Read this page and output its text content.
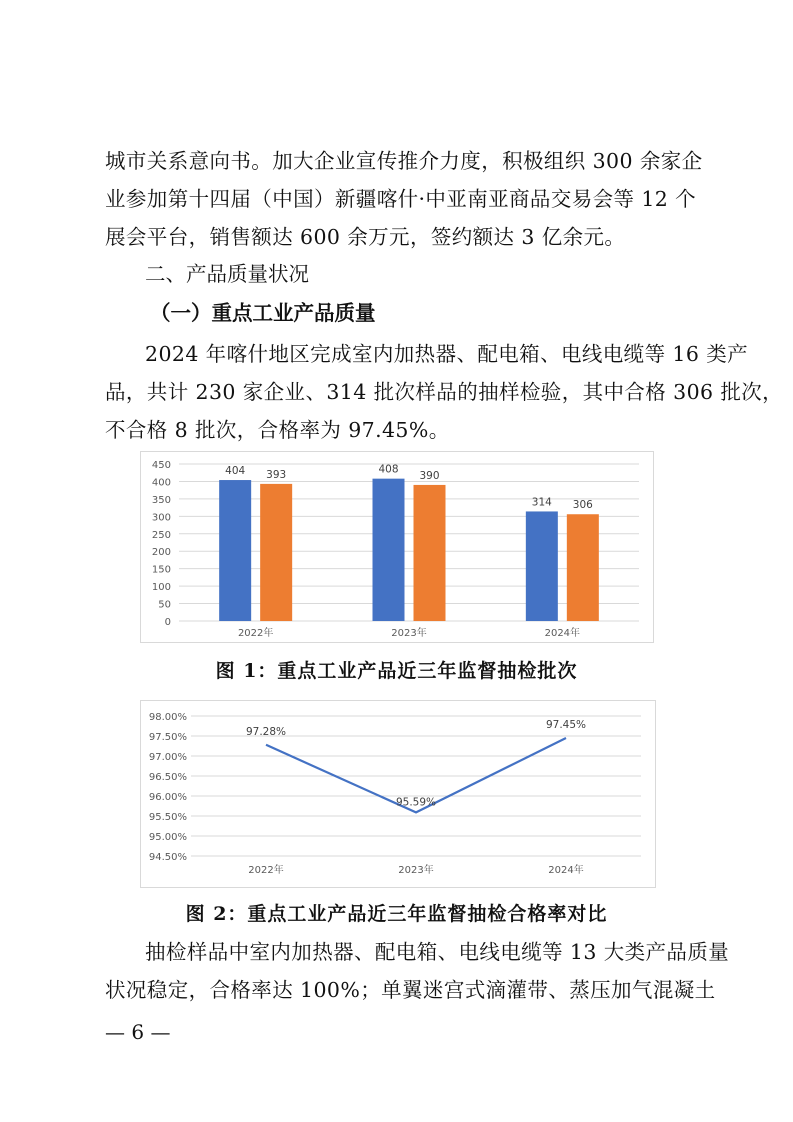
城市关系意向书。加大企业宣传推介力度，积极组织 300 余家企
业参加第十四届（中国）新疆喀什·中亚南亚商品交易会等 12 个
展会平台，销售额达 600 余万元，签约额达 3 亿余元。
二、产品质量状况
（一）重点工业产品质量
2024 年喀什地区完成室内加热器、配电箱、电线电缆等 16 类产
品，共计 230 家企业、314 批次样品的抽样检验，其中合格 306 批次，
不合格 8 批次，合格率为 97.45%。
0
50
100
150
200
250
300
350
400
450	404 393
2022年
408
390
2023年
314 306
2024年
图 1：重点工业产品近三年监督抽检批次
94.50%
95.00%
95.50%
96.00%
96.50%
97.00%
97.50%
98.00%
2022年	2023年	2024年
97.28%
95.59%
97.45%
图 2：重点工业产品近三年监督抽检合格率对比
抽检样品中室内加热器、配电箱、电线电缆等 13 大类产品质量
状况稳定，合格率达 100%；单翼迷宫式滴灌带、蒸压加气混凝土
— 6 —
